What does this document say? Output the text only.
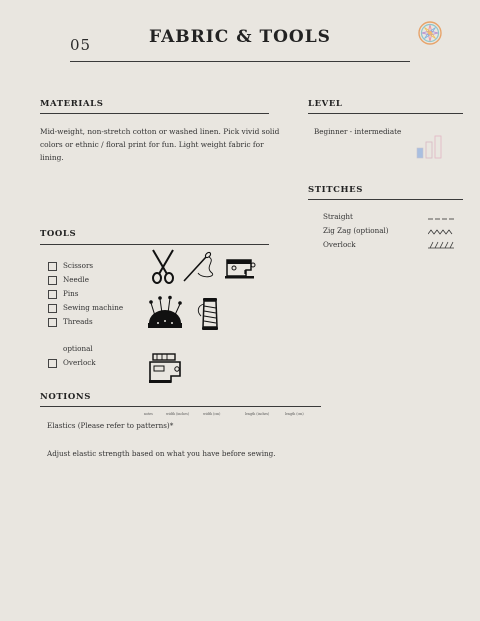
05	FABRIC & TOOLS
MATERIALS
Mid-weight, non-stretch cotton or washed linen. Pick vivid solid
colors or ethnic / floral print for fun. Light weight fabric for lining.
LEVEL
Beginner - intermediate
STITCHES
Straight
Zig Zag (optional)
Overlock
TOOLS
Scissors
Needle
Pins
Sewing machine
Threads
optional
Overlock
NOTIONS
notes	width (inches)	width (cm)	length (inches)	length (cm)
Elastics (Please refer to patterns)*
Adjust elastic strength based on what you have before sewing.
